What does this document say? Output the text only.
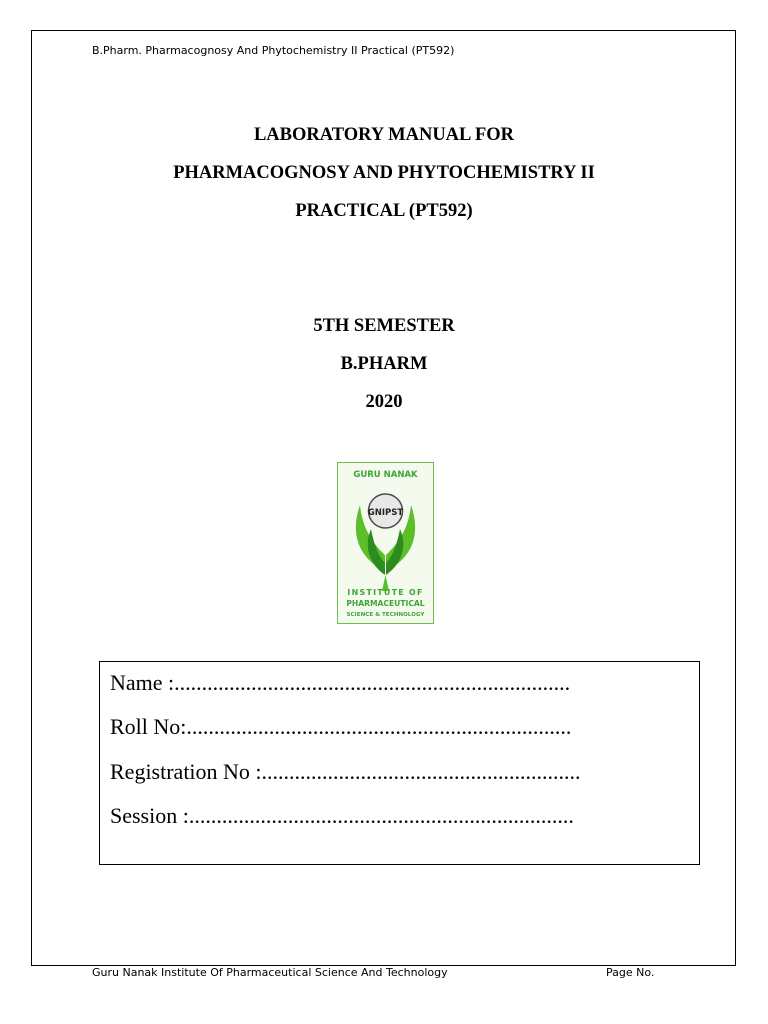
B.Pharm. Pharmacognosy And Phytochemistry II Practical (PT592)
LABORATORY MANUAL FOR
PHARMACOGNOSY AND PHYTOCHEMISTRY II
PRACTICAL (PT592)
5TH SEMESTER
B.PHARM
2020
GURU NANAK
GNIPST
INSTITUTE OF
PHARMACEUTICAL
SCIENCE & TECHNOLOGY
Name :........................................................................
Roll No:......................................................................
Registration No :..........................................................
Session :......................................................................
Guru Nanak Institute Of Pharmaceutical Science And Technology	Page No.
